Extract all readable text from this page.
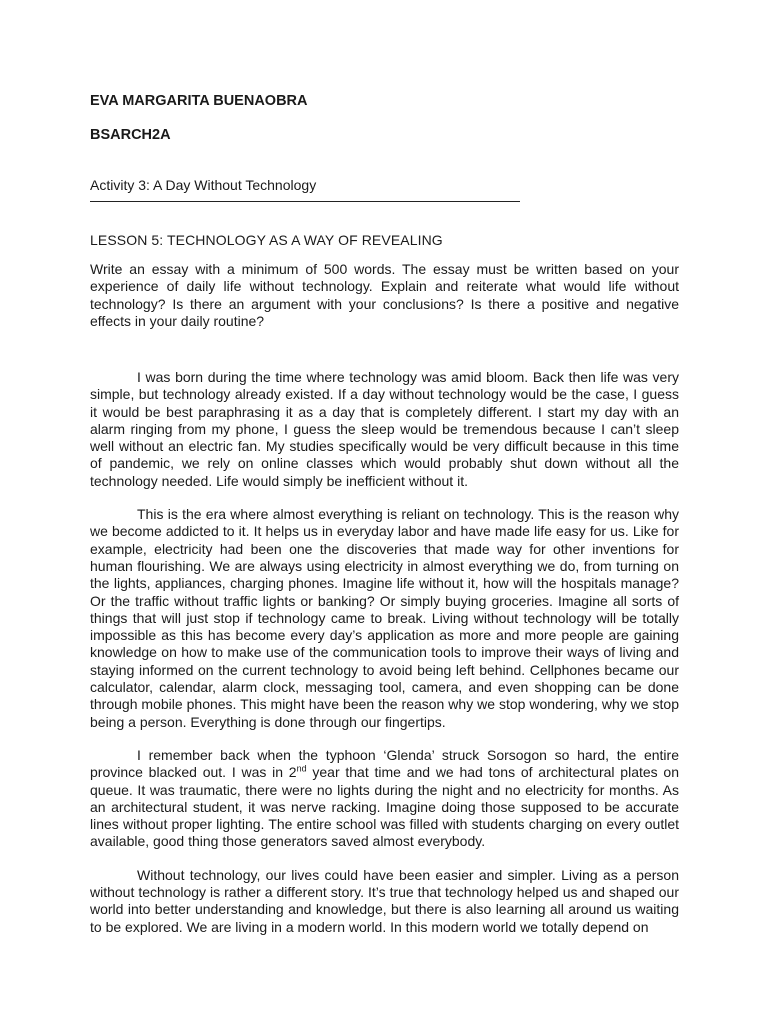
EVA MARGARITA BUENAOBRA

BSARCH2A

Activity 3: A Day Without Technology

LESSON 5: TECHNOLOGY AS A WAY OF REVEALING

Write an essay with a minimum of 500 words. The essay must be written based on your experience of daily life without technology. Explain and reiterate what would life without technology? Is there an argument with your conclusions? Is there a positive and negative effects in your daily routine?

I was born during the time where technology was amid bloom. Back then life was very simple, but technology already existed. If a day without technology would be the case, I guess it would be best paraphrasing it as a day that is completely different. I start my day with an alarm ringing from my phone, I guess the sleep would be tremendous because I can’t sleep well without an electric fan. My studies specifically would be very difficult because in this time of pandemic, we rely on online classes which would probably shut down without all the technology needed. Life would simply be inefficient without it.

This is the era where almost everything is reliant on technology. This is the reason why we become addicted to it. It helps us in everyday labor and have made life easy for us. Like for example, electricity had been one the discoveries that made way for other inventions for human flourishing. We are always using electricity in almost everything we do, from turning on the lights, appliances, charging phones. Imagine life without it, how will the hospitals manage? Or the traffic without traffic lights or banking? Or simply buying groceries. Imagine all sorts of things that will just stop if technology came to break. Living without technology will be totally impossible as this has become every day’s application as more and more people are gaining knowledge on how to make use of the communication tools to improve their ways of living and staying informed on the current technology to avoid being left behind. Cellphones became our calculator, calendar, alarm clock, messaging tool, camera, and even shopping can be done through mobile phones. This might have been the reason why we stop wondering, why we stop being a person. Everything is done through our fingertips.

I remember back when the typhoon ‘Glenda’ struck Sorsogon so hard, the entire province blacked out. I was in 2nd year that time and we had tons of architectural plates on queue. It was traumatic, there were no lights during the night and no electricity for months. As an architectural student, it was nerve racking. Imagine doing those supposed to be accurate lines without proper lighting. The entire school was filled with students charging on every outlet available, good thing those generators saved almost everybody.

Without technology, our lives could have been easier and simpler. Living as a person without technology is rather a different story. It’s true that technology helped us and shaped our world into better understanding and knowledge, but there is also learning all around us waiting to be explored. We are living in a modern world. In this modern world we totally depend on
